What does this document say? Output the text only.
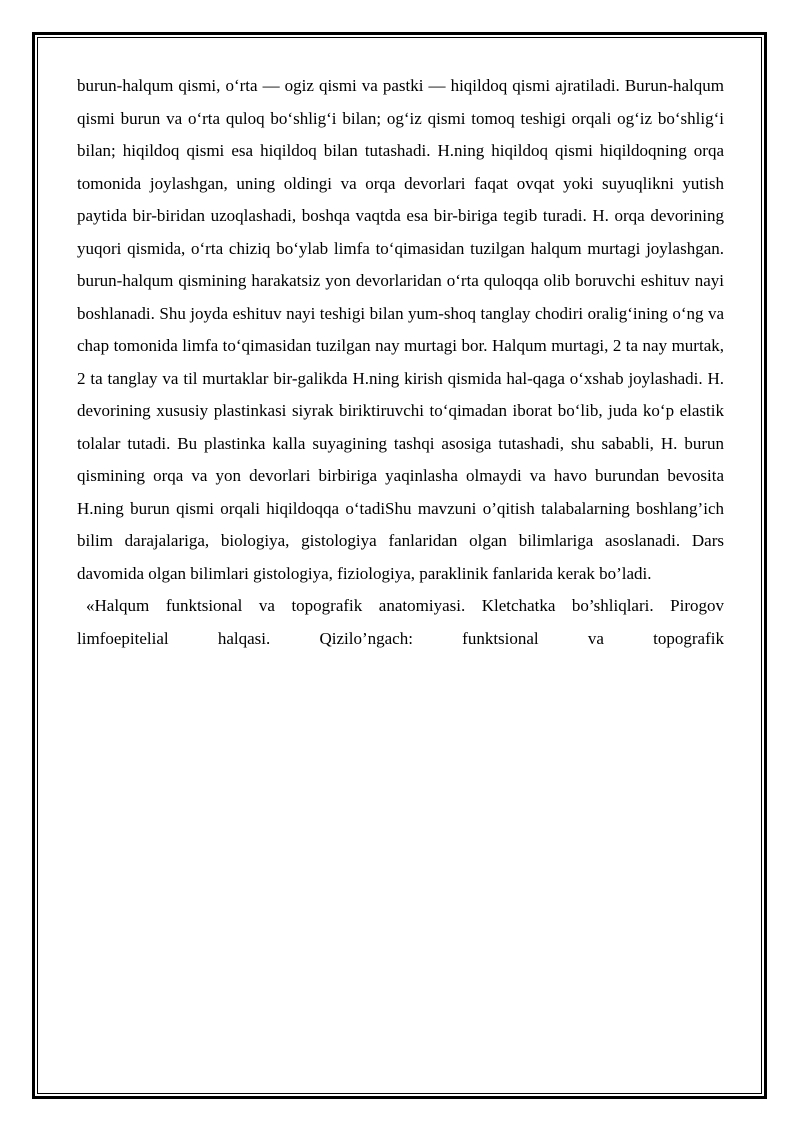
burun-halqum qismi, o‘rta — ogiz qismi va pastki — hiqildoq qismi ajratiladi. Burun-halqum qismi burun va o‘rta quloq bo‘shlig‘i bilan; og‘iz qismi tomoq teshigi orqali og‘iz bo‘shlig‘i bilan; hiqildoq qismi esa hiqildoq bilan tutashadi. H.ning hiqildoq qismi hiqildoqning orqa tomonida joylashgan, uning oldingi va orqa devorlari faqat ovqat yoki suyuqlikni yutish paytida bir-biridan uzoqlashadi, boshqa vaqtda esa bir-biriga tegib turadi. H. orqa devorining yuqori qismida, o‘rta chiziq bo‘ylab limfa to‘qimasidan tuzilgan halqum murtagi joylashgan. burun-halqum qismining harakatsiz yon devorlaridan o‘rta quloqqa olib boruvchi eshituv nayi boshlanadi. Shu joyda eshituv nayi teshigi bilan yum-shoq tanglay chodiri oralig‘ining o‘ng va chap tomonida limfa to‘qimasidan tuzilgan nay murtagi bor. Halqum murtagi, 2 ta nay murtak, 2 ta tanglay va til murtaklar bir-galikda H.ning kirish qismida hal-qaga o‘xshab joylashadi. H. devorining xususiy plastinkasi siyrak biriktiruvchi to‘qimadan iborat bo‘lib, juda ko‘p elastik tolalar tutadi. Bu plastinka kalla suyagining tashqi asosiga tutashadi, shu sababli, H. burun qismining orqa va yon devorlari birbiriga yaqinlasha olmaydi va havo burundan bevosita H.ning burun qismi orqali hiqildoqqa o‘tadiShu mavzuni o’qitish talabalarning boshlang’ich bilim darajalariga, biologiya, gistologiya fanlaridan olgan bilimlariga asoslanadi. Dars davomida olgan bilimlari gistologiya, fiziologiya, paraklinik fanlarida kerak bo’ladi.

«Halqum funktsional va topografik anatomiyasi. Kletchatka bo’shliqlari. Pirogov limfoepitelial halqasi. Qizilo’ngach: funktsional va topografik
